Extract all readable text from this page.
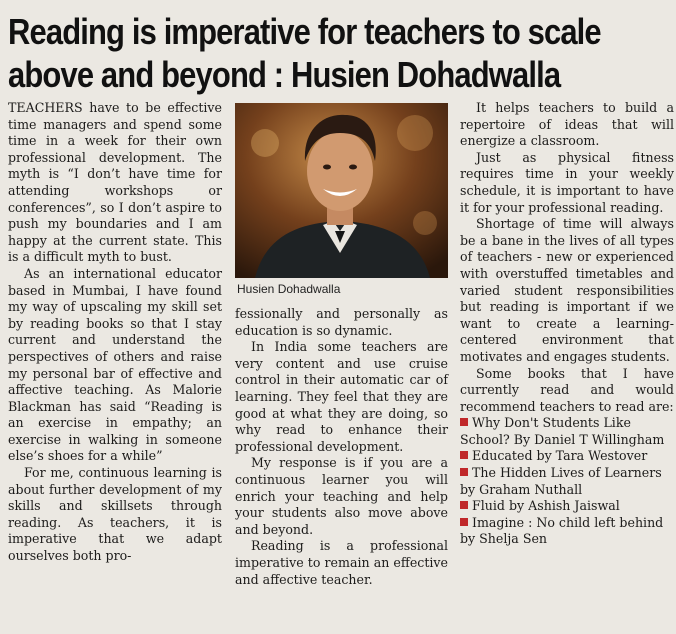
Reading is imperative for teachers to scale
above and beyond : Husien Dohadwalla

TEACHERS have to be effective time managers and spend some time in a week for their own professional development. The myth is “I don’t have time for attending workshops or conferences”, so I don’t aspire to push my boundaries and I am happy at the current state. This is a difficult myth to bust.

As an international educator based in Mumbai, I have found my way of upscaling my skill set by reading books so that I stay current and understand the perspectives of others and raise my personal bar of effective and affective teaching. As Malorie Blackman has said “Reading is an exercise in empathy; an exercise in walking in someone else’s shoes for a while”

For me, continuous learning is about further development of my skills and skillsets through reading. As teachers, it is imperative that we adapt ourselves both pro-

Husien Dohadwalla

fessionally and personally as education is so dynamic.

In India some teachers are very content and use cruise control in their automatic car of learning. They feel that they are good at what they are doing, so why read to enhance their professional development.

My response is if you are a continuous learner you will enrich your teaching and help your students also move above and beyond.

Reading is a professional imperative to remain an effective and affective teacher.

It helps teachers to build a repertoire of ideas that will energize a classroom.

Just as physical fitness requires time in your weekly schedule, it is important to have it for your professional reading.

Shortage of time will always be a bane in the lives of all types of teachers - new or experienced with overstuffed timetables and varied student responsibilities but reading is important if we want to create a learning-centered environment that motivates and engages students.

Some books that I have currently read and would recommend teachers to read are:

Why Don't Students Like School? By Daniel T Willingham
Educated by Tara Westover
The Hidden Lives of Learners by Graham Nuthall
Fluid by Ashish Jaiswal
Imagine : No child left behind by Shelja Sen
